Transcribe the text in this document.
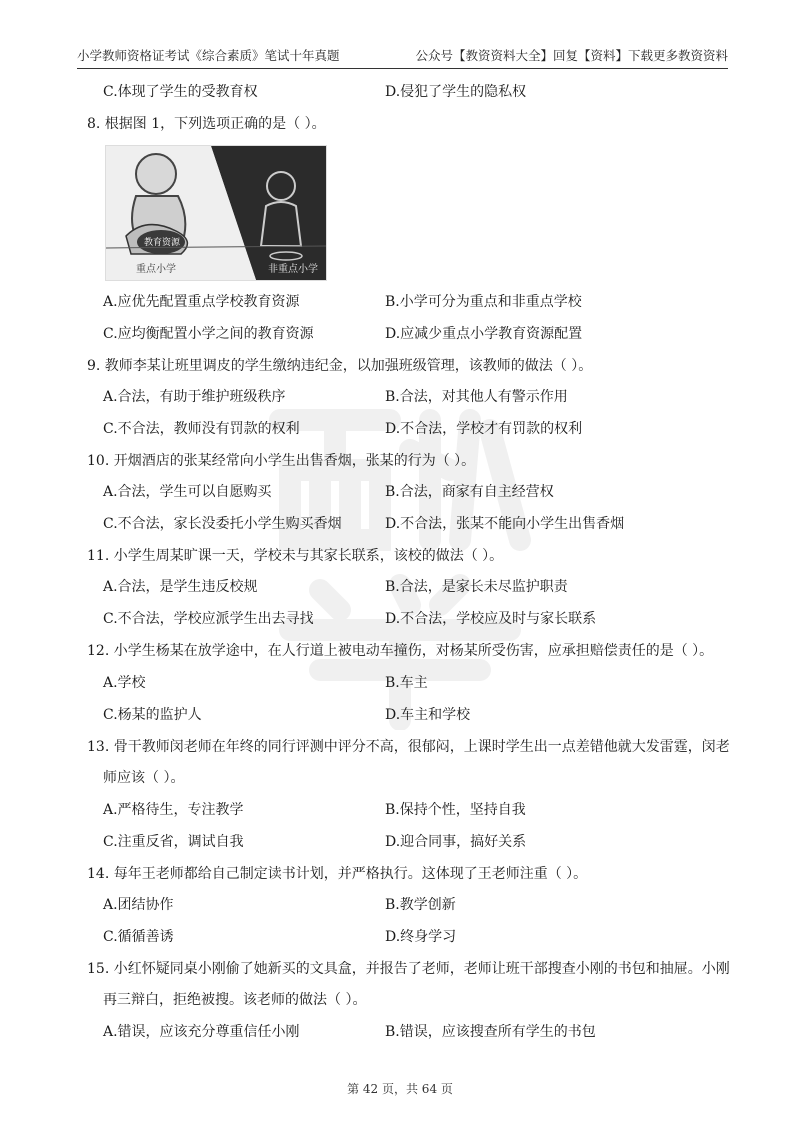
小学教师资格证考试《综合素质》笔试十年真题	公众号【教资资料大全】回复【资料】下载更多教资资料
C.体现了学生的受教育权	D.侵犯了学生的隐私权
8. 根据图 1，下列选项正确的是（ ）。
教育资源
重点小学	非重点小学
A.应优先配置重点学校教育资源	B.小学可分为重点和非重点学校
C.应均衡配置小学之间的教育资源	D.应减少重点小学教育资源配置
9. 教师李某让班里调皮的学生缴纳违纪金，以加强班级管理，该教师的做法（ ）。
A.合法，有助于维护班级秩序	B.合法，对其他人有警示作用
C.不合法，教师没有罚款的权利	D.不合法，学校才有罚款的权利
10. 开烟酒店的张某经常向小学生出售香烟，张某的行为（ ）。
A.合法，学生可以自愿购买	B.合法，商家有自主经营权
C.不合法，家长没委托小学生购买香烟	D.不合法，张某不能向小学生出售香烟
11. 小学生周某旷课一天，学校未与其家长联系，该校的做法（ ）。
A.合法，是学生违反校规	B.合法，是家长未尽监护职责
C.不合法，学校应派学生出去寻找	D.不合法，学校应及时与家长联系
12. 小学生杨某在放学途中，在人行道上被电动车撞伤，对杨某所受伤害，应承担赔偿责任的是（ ）。
A.学校	B.车主
C.杨某的监护人	D.车主和学校
13. 骨干教师闵老师在年终的同行评测中评分不高，很郁闷，上课时学生出一点差错他就大发雷霆，闵老
师应该（ ）。
A.严格待生，专注教学	B.保持个性，坚持自我
C.注重反省，调试自我	D.迎合同事，搞好关系
14. 每年王老师都给自己制定读书计划，并严格执行。这体现了王老师注重（ ）。
A.团结协作	B.教学创新
C.循循善诱	D.终身学习
15. 小红怀疑同桌小刚偷了她新买的文具盒，并报告了老师，老师让班干部搜查小刚的书包和抽屉。小刚
再三辩白，拒绝被搜。该老师的做法（ ）。
A.错误，应该充分尊重信任小刚	B.错误，应该搜查所有学生的书包
第 42 页，共 64 页
